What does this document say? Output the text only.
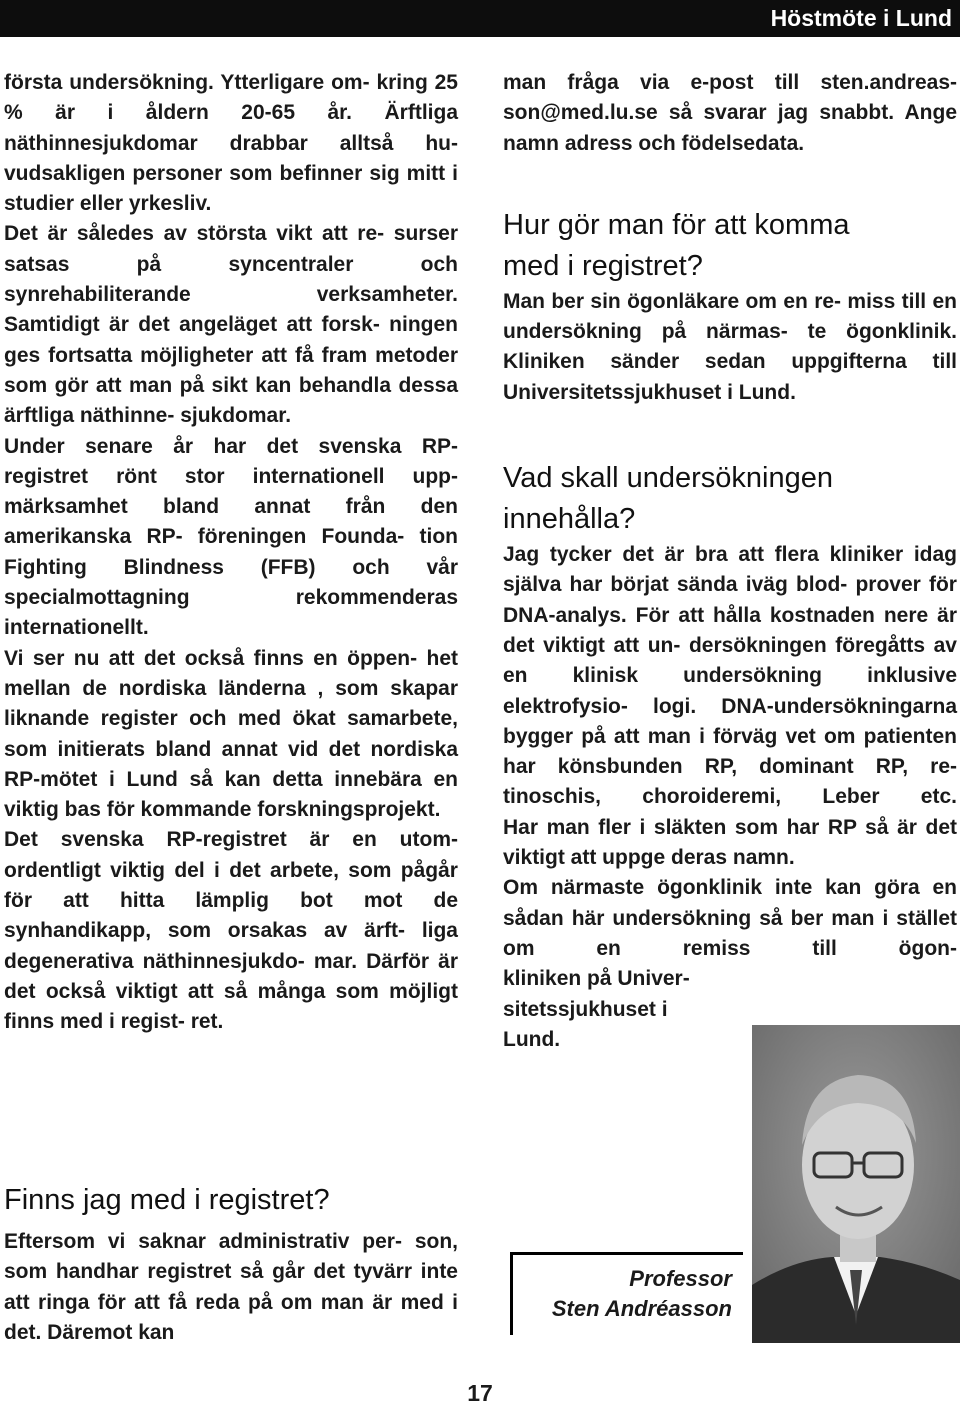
Höstmöte i Lund

första undersökning. Ytterligare om- kring 25 % är i åldern 20-65 år. Ärftliga näthinnesjukdomar drabbar alltså hu- vudsakligen personer som befinner sig mitt i studier eller yrkesliv.

Det är således av största vikt att re- surser satsas på syncentraler och synrehabiliterande verksamheter.

Samtidigt är det angeläget att forsk- ningen ges fortsatta möjligheter att få fram metoder som gör att man på sikt kan behandla dessa ärftliga näthinne- sjukdomar.

Under senare år har det svenska RP- registret rönt stor internationell upp- märksamhet bland annat från den amerikanska RP- föreningen Founda- tion Fighting Blindness (FFB) och vår specialmottagning rekommenderas internationellt.

Vi ser nu att det också finns en öppen- het mellan de nordiska länderna , som skapar liknande register och med ökat samarbete, som initierats bland annat vid det nordiska RP-mötet i Lund så kan detta innebära en viktig bas för kommande forskningsprojekt.

Det svenska RP-registret är en utom- ordentligt viktig del i det arbete, som pågår för att hitta lämplig bot mot de synhandikapp, som orsakas av ärft- liga degenerativa näthinnesjukdo- mar. Därför är det också viktigt att så många som möjligt finns med i regist- ret.

Finns jag med i registret?

Eftersom vi saknar administrativ per- son, som handhar registret så går det tyvärr inte att ringa för att få reda på om man är med i det. Däremot kan

man fråga via e-post till sten.andreas- son@med.lu.se så svarar jag snabbt. Ange namn adress och födelsedata.

Hur gör man för att komma
med i registret?

Man ber sin ögonläkare om en re- miss till en undersökning på närmas- te ögonklinik. Kliniken sänder sedan uppgifterna till Universitetssjukhuset i Lund.

Vad skall undersökningen
innehålla?

Jag tycker det är bra att flera kliniker idag själva har börjat sända iväg blod- prover för DNA-analys. För att hålla kostnaden nere är det viktigt att un- dersökningen föregåtts av en klinisk undersökning inklusive elektrofysio- logi. DNA-undersökningarna bygger på att man i förväg vet om patienten har könsbunden RP, dominant RP, re- tinoschis, choroideremi, Leber etc.

Har man fler i släkten som har RP så är det viktigt att uppge deras namn.

Om närmaste ögonklinik inte kan göra en sådan här undersökning så ber man i stället om en remiss till ögon-

kliniken på Univer-

sitetssjukhuset i

Lund.

Professor
Sten Andréasson
17
